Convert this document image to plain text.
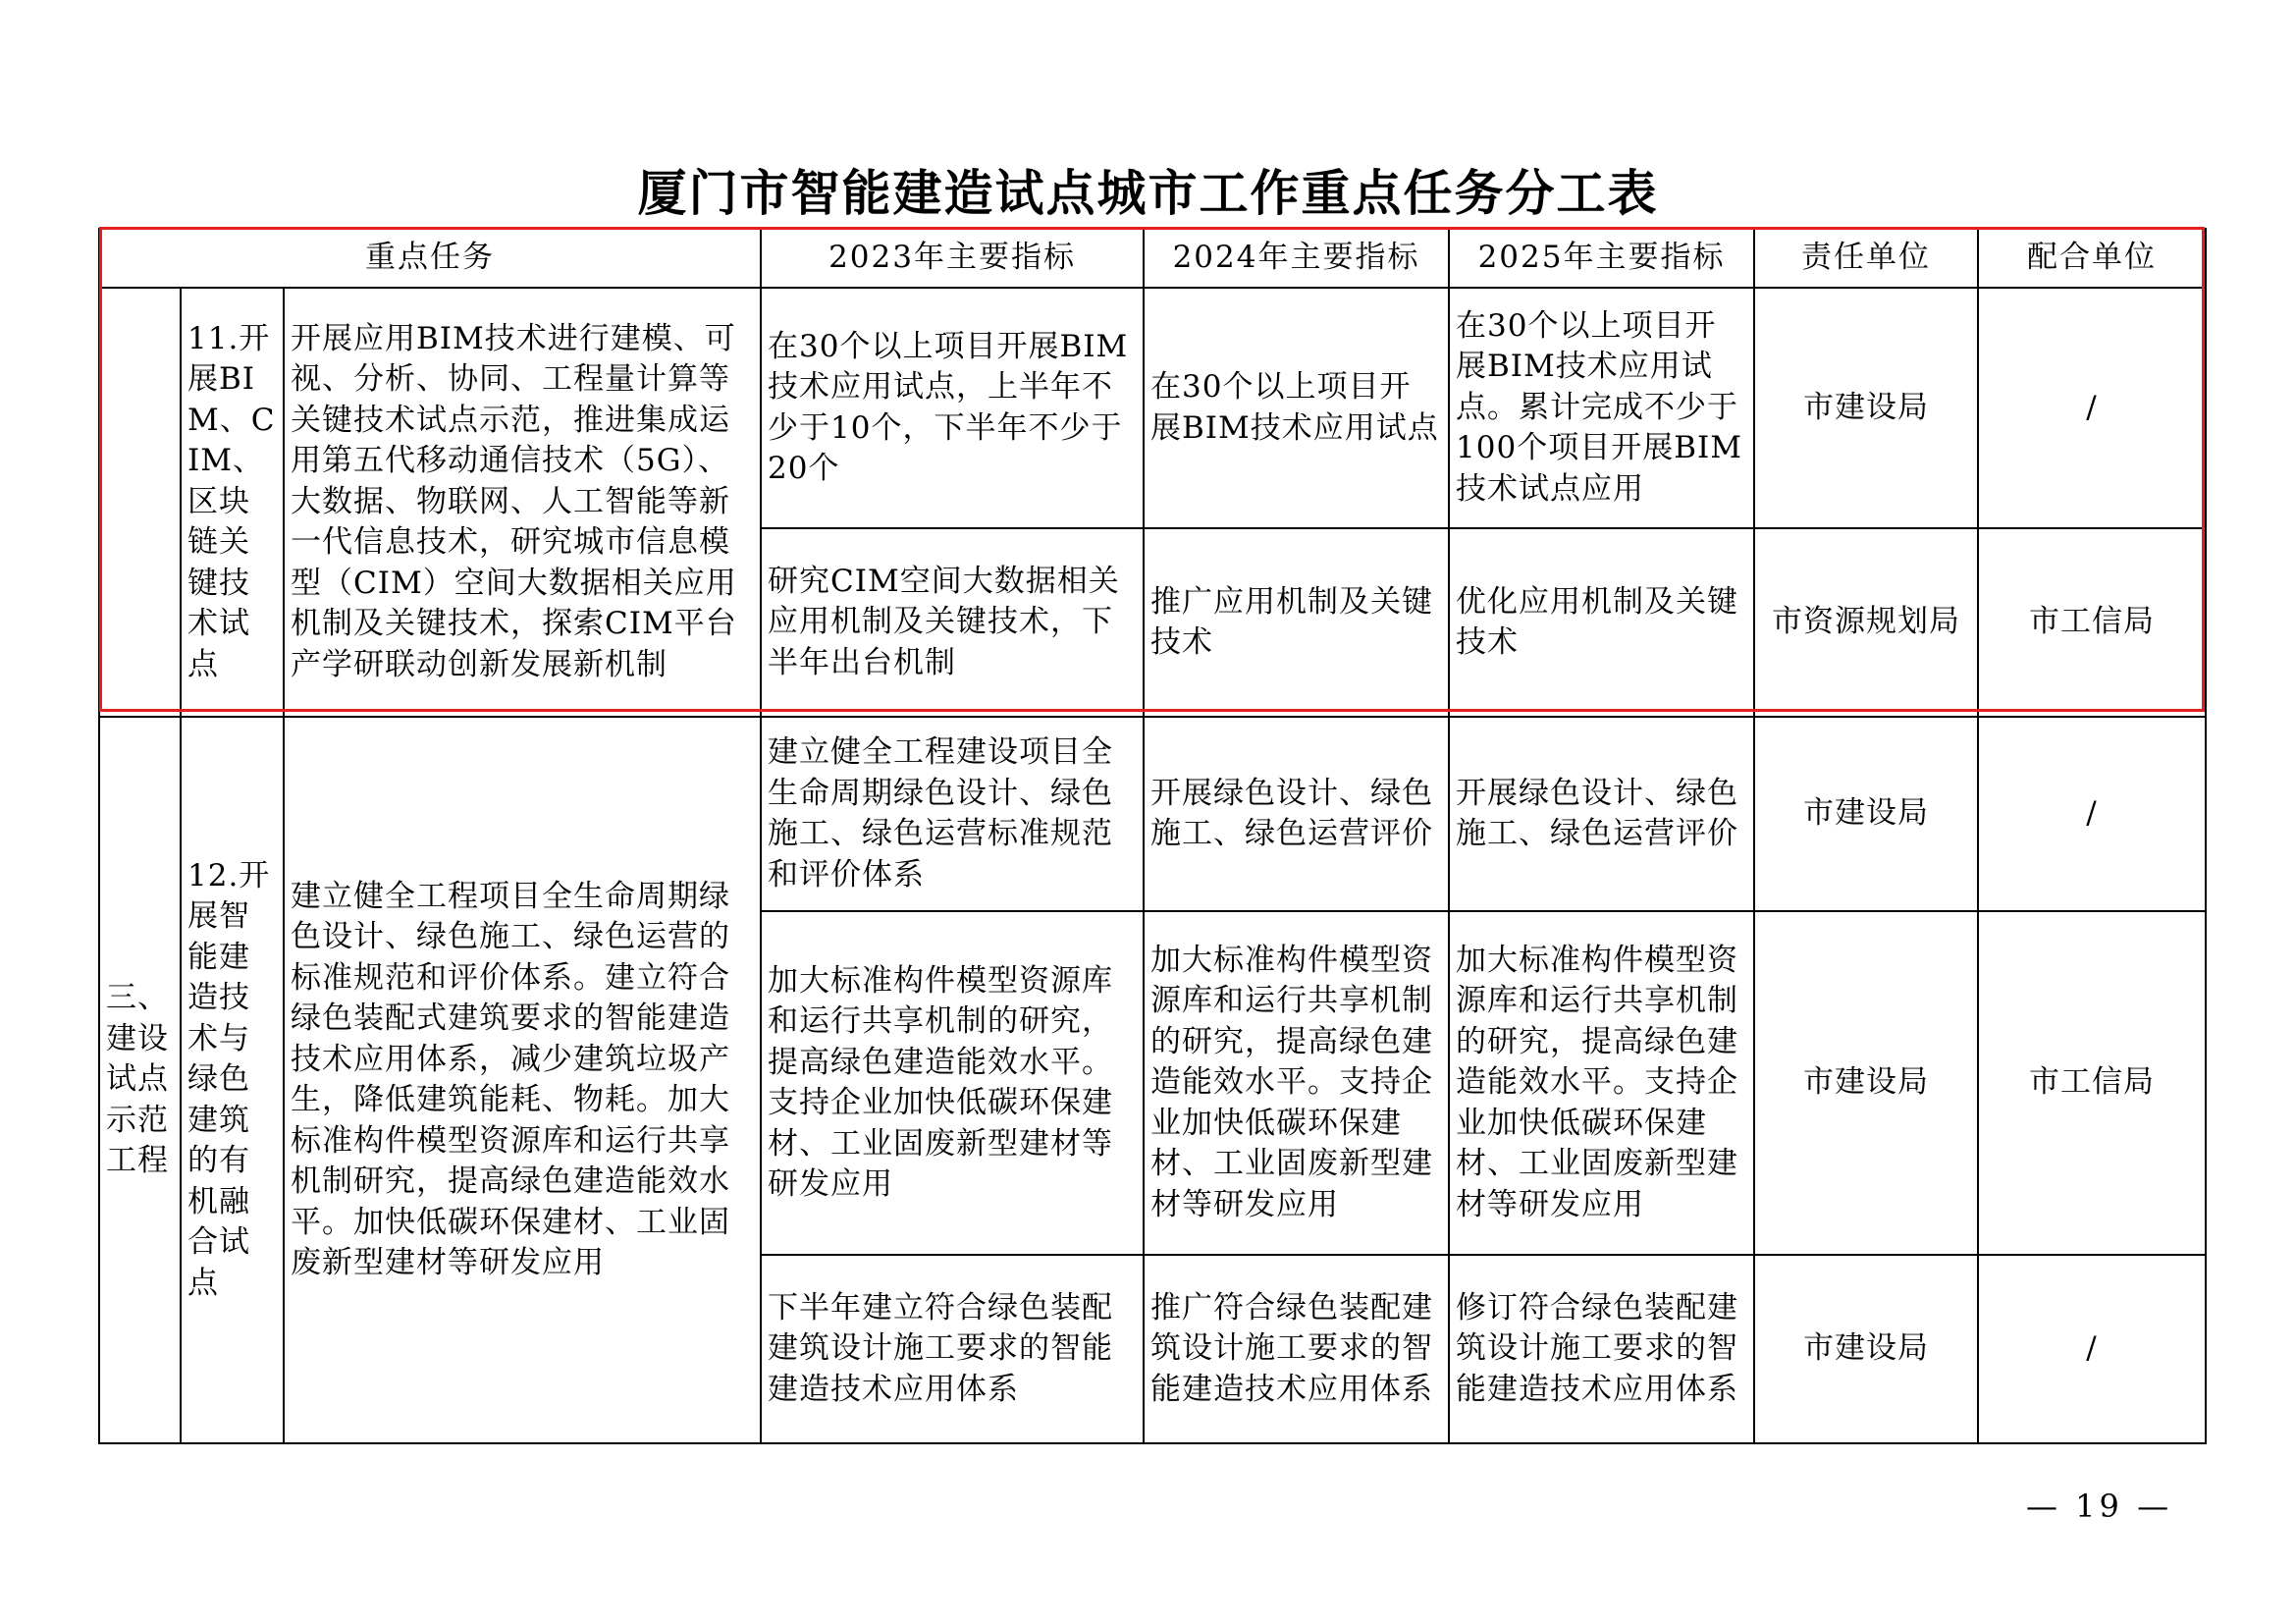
厦门市智能建造试点城市工作重点任务分工表
重点任务			2023年主要指标	2024年主要指标	2025年主要指标	责任单位	配合单位
	11.开展BIM、CIM、区块链关键技术试点	开展应用BIM技术进行建模、可视、分析、协同、工程量计算等关键技术试点示范，推进集成运用第五代移动通信技术（5G）、大数据、物联网、人工智能等新一代信息技术，研究城市信息模型（CIM）空间大数据相关应用机制及关键技术，探索CIM平台产学研联动创新发展新机制	在30个以上项目开展BIM技术应用试点，上半年不少于10个，下半年不少于20个	在30个以上项目开展BIM技术应用试点	在30个以上项目开展BIM技术应用试点。累计完成不少于100个项目开展BIM技术试点应用	市建设局	/
			研究CIM空间大数据相关应用机制及关键技术，下半年出台机制	推广应用机制及关键技术	优化应用机制及关键技术	市资源规划局	市工信局
三、建设试点示范工程	12.开展智能建造技术与绿色建筑的有机融合试点	建立健全工程项目全生命周期绿色设计、绿色施工、绿色运营的标准规范和评价体系。建立符合绿色装配式建筑要求的智能建造技术应用体系，减少建筑垃圾产生，降低建筑能耗、物耗。加大标准构件模型资源库和运行共享机制研究，提高绿色建造能效水平。加快低碳环保建材、工业固废新型建材等研发应用	建立健全工程建设项目全生命周期绿色设计、绿色施工、绿色运营标准规范和评价体系	开展绿色设计、绿色施工、绿色运营评价	开展绿色设计、绿色施工、绿色运营评价	市建设局	/
			加大标准构件模型资源库和运行共享机制的研究，提高绿色建造能效水平。支持企业加快低碳环保建材、工业固废新型建材等研发应用	加大标准构件模型资源库和运行共享机制的研究，提高绿色建造能效水平。支持企业加快低碳环保建材、工业固废新型建材等研发应用	加大标准构件模型资源库和运行共享机制的研究，提高绿色建造能效水平。支持企业加快低碳环保建材、工业固废新型建材等研发应用	市建设局	市工信局
			下半年建立符合绿色装配建筑设计施工要求的智能建造技术应用体系	推广符合绿色装配建筑设计施工要求的智能建造技术应用体系	修订符合绿色装配建筑设计施工要求的智能建造技术应用体系	市建设局	/
— 19 —
